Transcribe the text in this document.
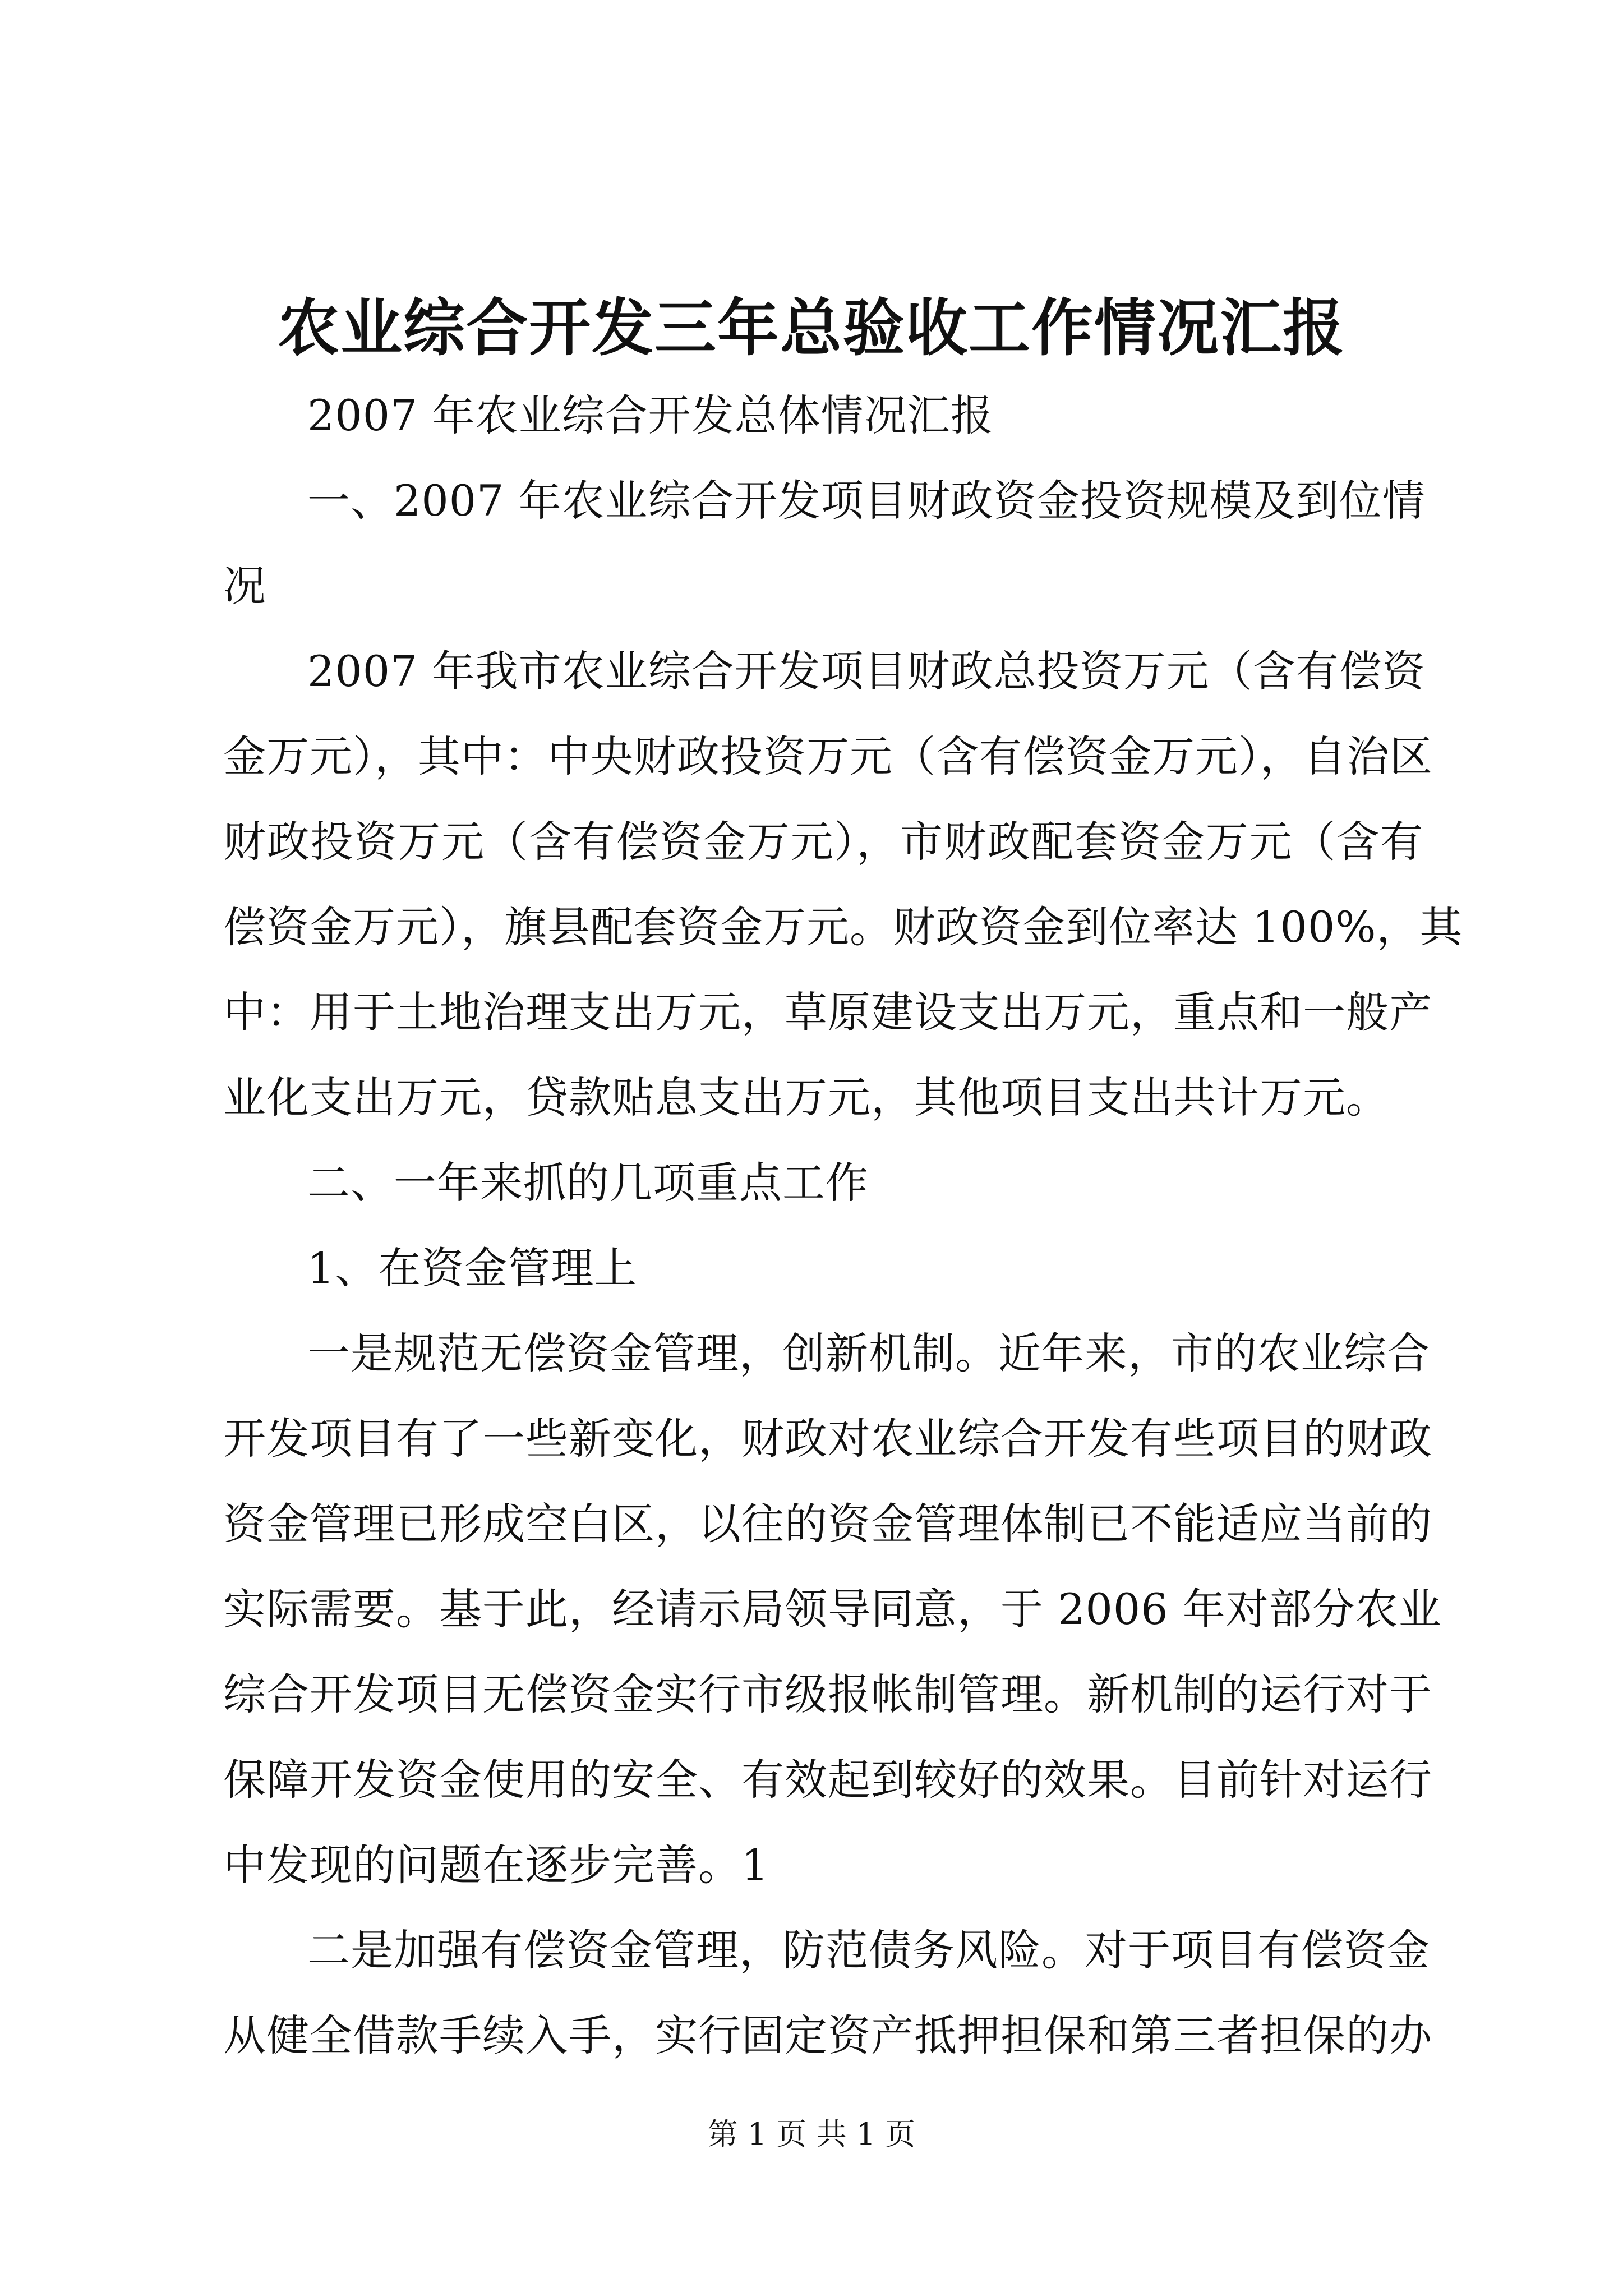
农业综合开发三年总验收工作情况汇报
2007 年农业综合开发总体情况汇报
一、2007 年农业综合开发项目财政资金投资规模及到位情
况
2007 年我市农业综合开发项目财政总投资万元（含有偿资
金万元），其中：中央财政投资万元（含有偿资金万元），自治区
财政投资万元（含有偿资金万元），市财政配套资金万元（含有
偿资金万元），旗县配套资金万元。财政资金到位率达 100%，其
中：用于土地治理支出万元，草原建设支出万元，重点和一般产
业化支出万元，贷款贴息支出万元，其他项目支出共计万元。
二、一年来抓的几项重点工作
1、在资金管理上
一是规范无偿资金管理，创新机制。近年来，市的农业综合
开发项目有了一些新变化，财政对农业综合开发有些项目的财政
资金管理已形成空白区，以往的资金管理体制已不能适应当前的
实际需要。基于此，经请示局领导同意，于 2006 年对部分农业
综合开发项目无偿资金实行市级报帐制管理。新机制的运行对于
保障开发资金使用的安全、有效起到较好的效果。目前针对运行
中发现的问题在逐步完善。1
二是加强有偿资金管理，防范债务风险。对于项目有偿资金
从健全借款手续入手，实行固定资产抵押担保和第三者担保的办
第 1 页 共 1 页
